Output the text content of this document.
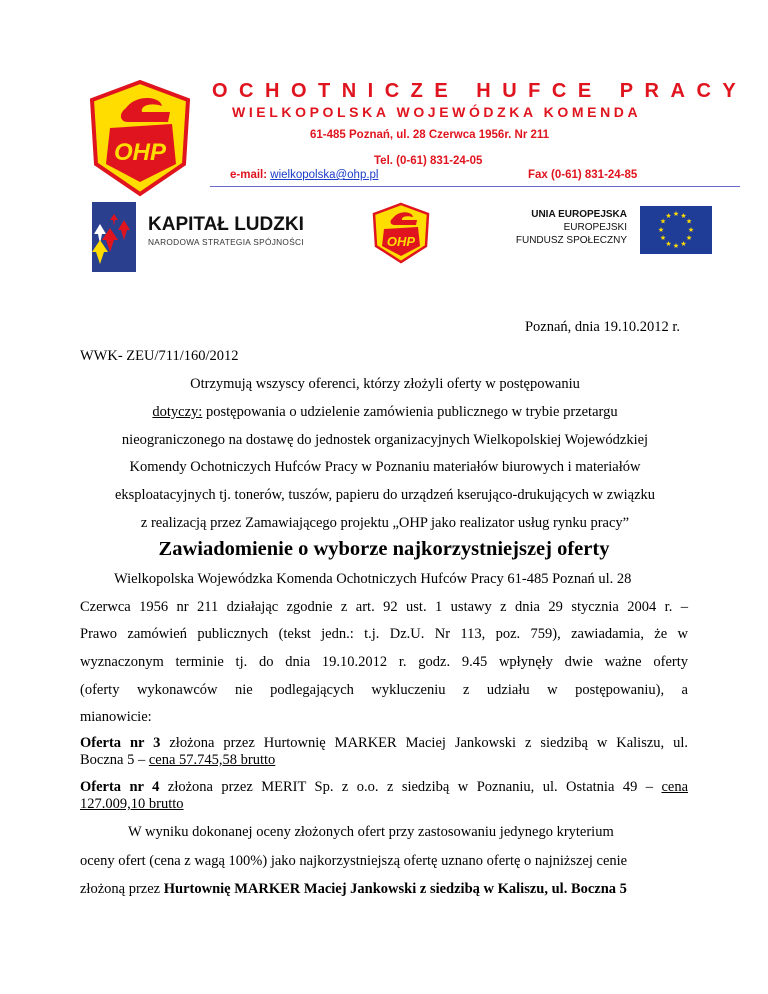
OHP
OCHOTNICZE HUFCE PRACY
WIELKOPOLSKA WOJEWÓDZKA KOMENDA
61-485 Poznań, ul. 28 Czerwca 1956r. Nr 211
Tel. (0-61) 831-24-05
e-mail: wielkopolska@ohp.pl	Fax (0-61) 831-24-85
KAPITAŁ LUDZKI
NARODOWA STRATEGIA SPÓJNOŚCI	OHP
UNIA EUROPEJSKA
EUROPEJSKI
FUNDUSZ SPOŁECZNY
★ ★
★
★
★
★
★
★
★
★
★
★
Poznań, dnia 19.10.2012 r.
WWK- ZEU/711/160/2012
Otrzymują wszyscy oferenci, którzy złożyli oferty w postępowaniu
dotyczy: postępowania o udzielenie zamówienia publicznego w trybie przetargu
nieograniczonego na dostawę do jednostek organizacyjnych Wielkopolskiej Wojewódzkiej
Komendy Ochotniczych Hufców Pracy w Poznaniu materiałów biurowych i materiałów
eksploatacyjnych tj. tonerów, tuszów, papieru do urządzeń kserująco-drukujących w związku
z realizacją przez Zamawiającego projektu „OHP jako realizator usług rynku pracy”
Zawiadomienie o wyborze najkorzystniejszej oferty
Wielkopolska Wojewódzka Komenda Ochotniczych Hufców Pracy 61-485 Poznań ul. 28
Czerwca 1956 nr 211 działając zgodnie z art. 92 ust. 1 ustawy z dnia 29 stycznia 2004 r. –
Prawo zamówień publicznych (tekst jedn.: t.j. Dz.U. Nr 113, poz. 759), zawiadamia, że w
wyznaczonym terminie tj. do dnia 19.10.2012 r. godz. 9.45 wpłynęły dwie ważne oferty
(oferty wykonawców nie podlegających wykluczeniu z udziału w postępowaniu), a
mianowicie:
Oferta nr 3 złożona przez Hurtownię MARKER Maciej Jankowski z siedzibą w Kaliszu, ul.
Boczna 5 – cena 57.745,58 brutto
Oferta nr 4 złożona przez MERIT Sp. z o.o. z siedzibą w Poznaniu, ul. Ostatnia 49 – cena
127.009,10 brutto
W wyniku dokonanej oceny złożonych ofert przy zastosowaniu jedynego kryterium
oceny ofert (cena z wagą 100%) jako najkorzystniejszą ofertę uznano ofertę o najniższej cenie
złożoną przez Hurtownię MARKER Maciej Jankowski z siedzibą w Kaliszu, ul. Boczna 5
